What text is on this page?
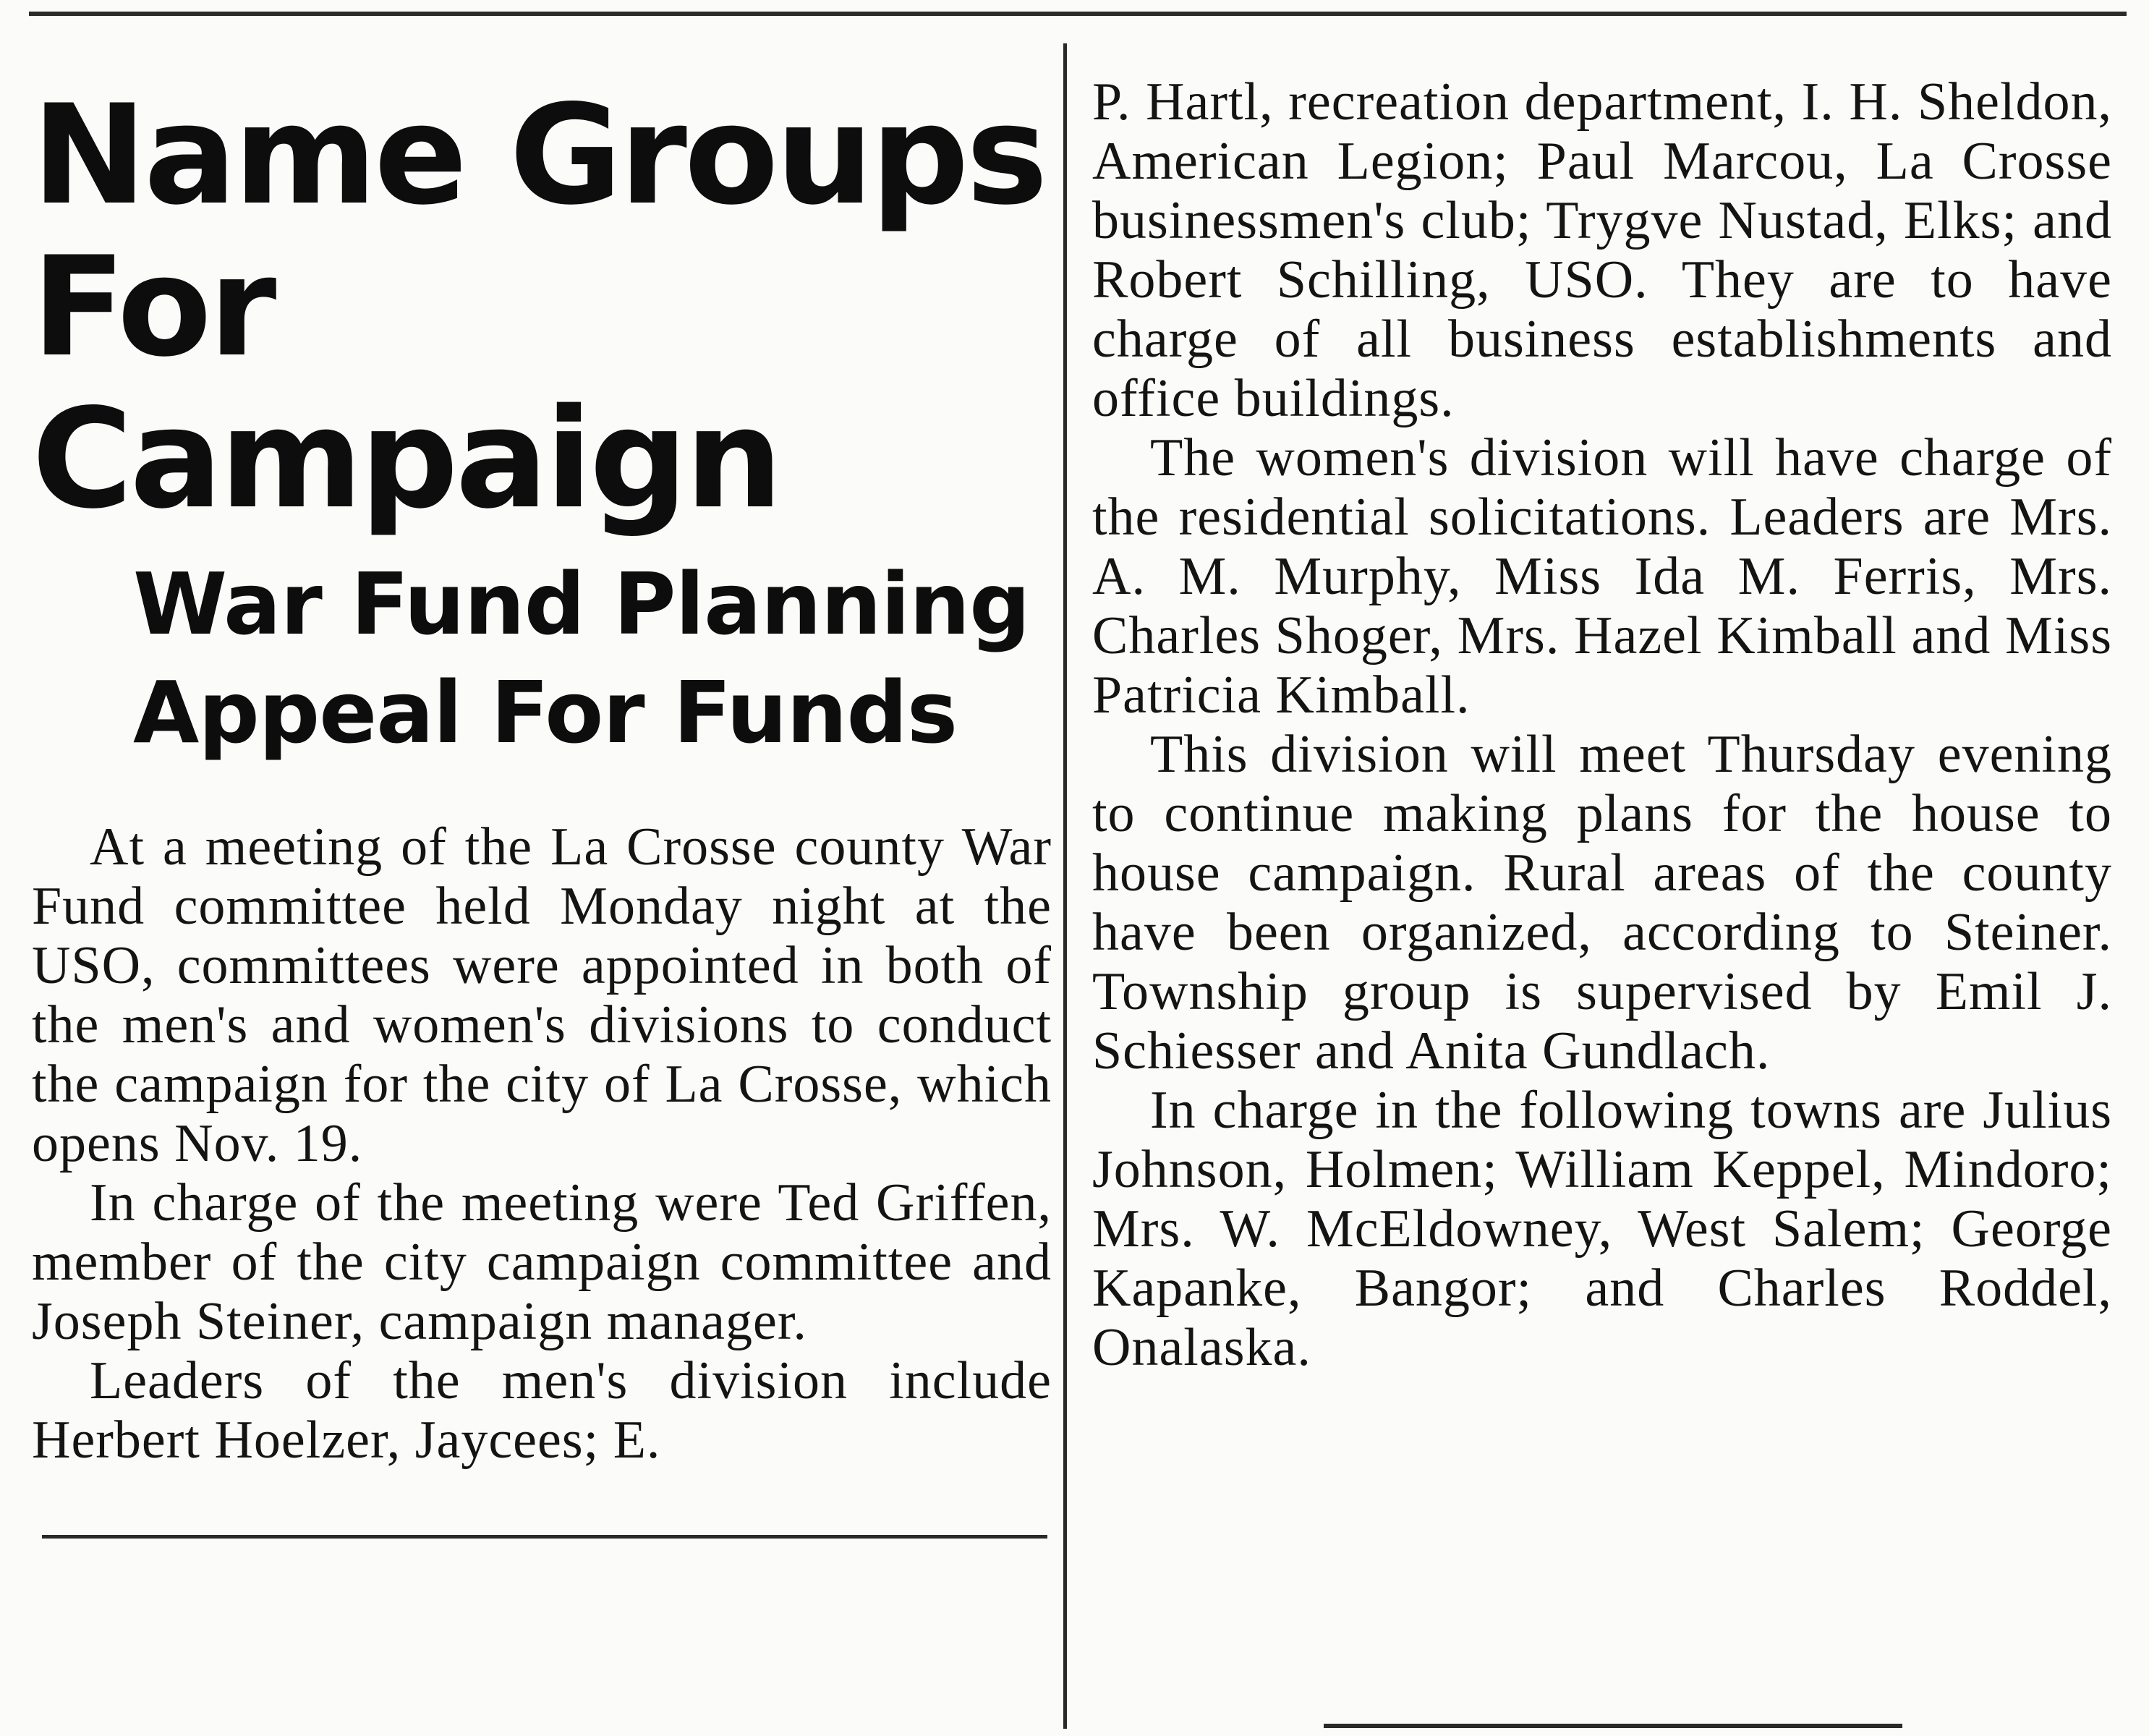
Name Groups
For Campaign
War Fund Planning
Appeal For Funds

At a meeting of the La Crosse county War Fund committee held Monday night at the USO, committees were appointed in both of the men's and women's divisions to conduct the campaign for the city of La Crosse, which opens Nov. 19.

In charge of the meeting were Ted Griffen, member of the city campaign committee and Joseph Steiner, campaign manager.

Leaders of the men's division include Herbert Hoelzer, Jaycees; E.

P. Hartl, recreation department, I. H. Sheldon, American Legion; Paul Marcou, La Crosse businessmen's club; Trygve Nustad, Elks; and Robert Schilling, USO. They are to have charge of all business establishments and office buildings.

The women's division will have charge of the residential solicitations. Leaders are Mrs. A. M. Murphy, Miss Ida M. Ferris, Mrs. Charles Shoger, Mrs. Hazel Kimball and Miss Patricia Kimball.

This division will meet Thursday evening to continue making plans for the house to house campaign. Rural areas of the county have been organized, according to Steiner. Township group is supervised by Emil J. Schiesser and Anita Gundlach.

In charge in the following towns are Julius Johnson, Holmen; William Keppel, Mindoro; Mrs. W. McEldowney, West Salem; George Kapanke, Bangor; and Charles Roddel, Onalaska.
